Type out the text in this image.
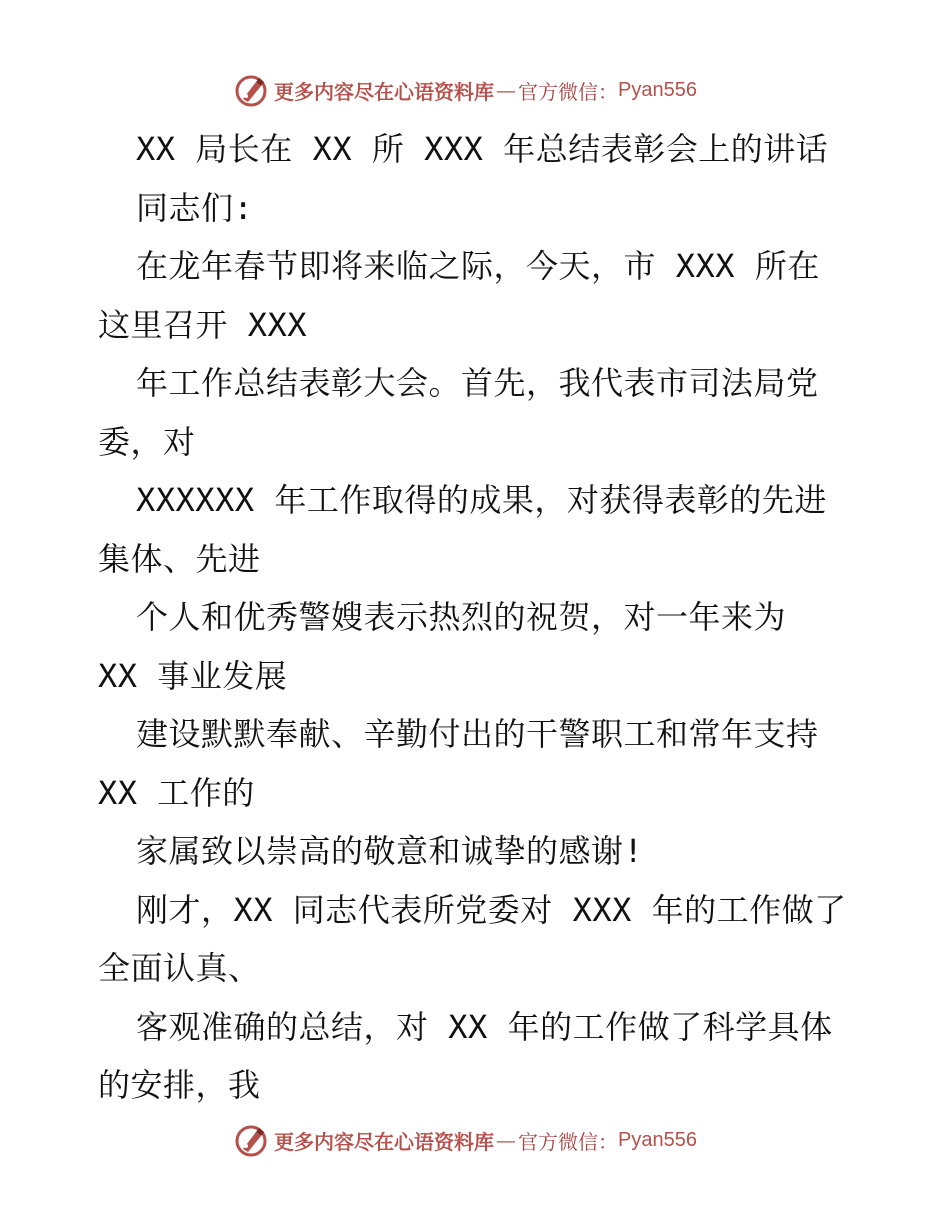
更多内容尽在心语资料库 — 官方微信： Pyan556
XX 局长在 XX 所 XXX 年总结表彰会上的讲话
同志们:
在龙年春节即将来临之际，今天，市 XXX 所在
这里召开 XXX
年工作总结表彰大会。首先，我代表市司法局党
委，对
XXXXXX 年工作取得的成果，对获得表彰的先进
集体、先进
个人和优秀警嫂表示热烈的祝贺，对一年来为
XX 事业发展
建设默默奉献、辛勤付出的干警职工和常年支持
XX 工作的
家属致以崇高的敬意和诚挚的感谢!
刚才，XX 同志代表所党委对 XXX 年的工作做了
全面认真、
客观准确的总结，对 XX 年的工作做了科学具体
的安排，我
更多内容尽在心语资料库 — 官方微信： Pyan556
